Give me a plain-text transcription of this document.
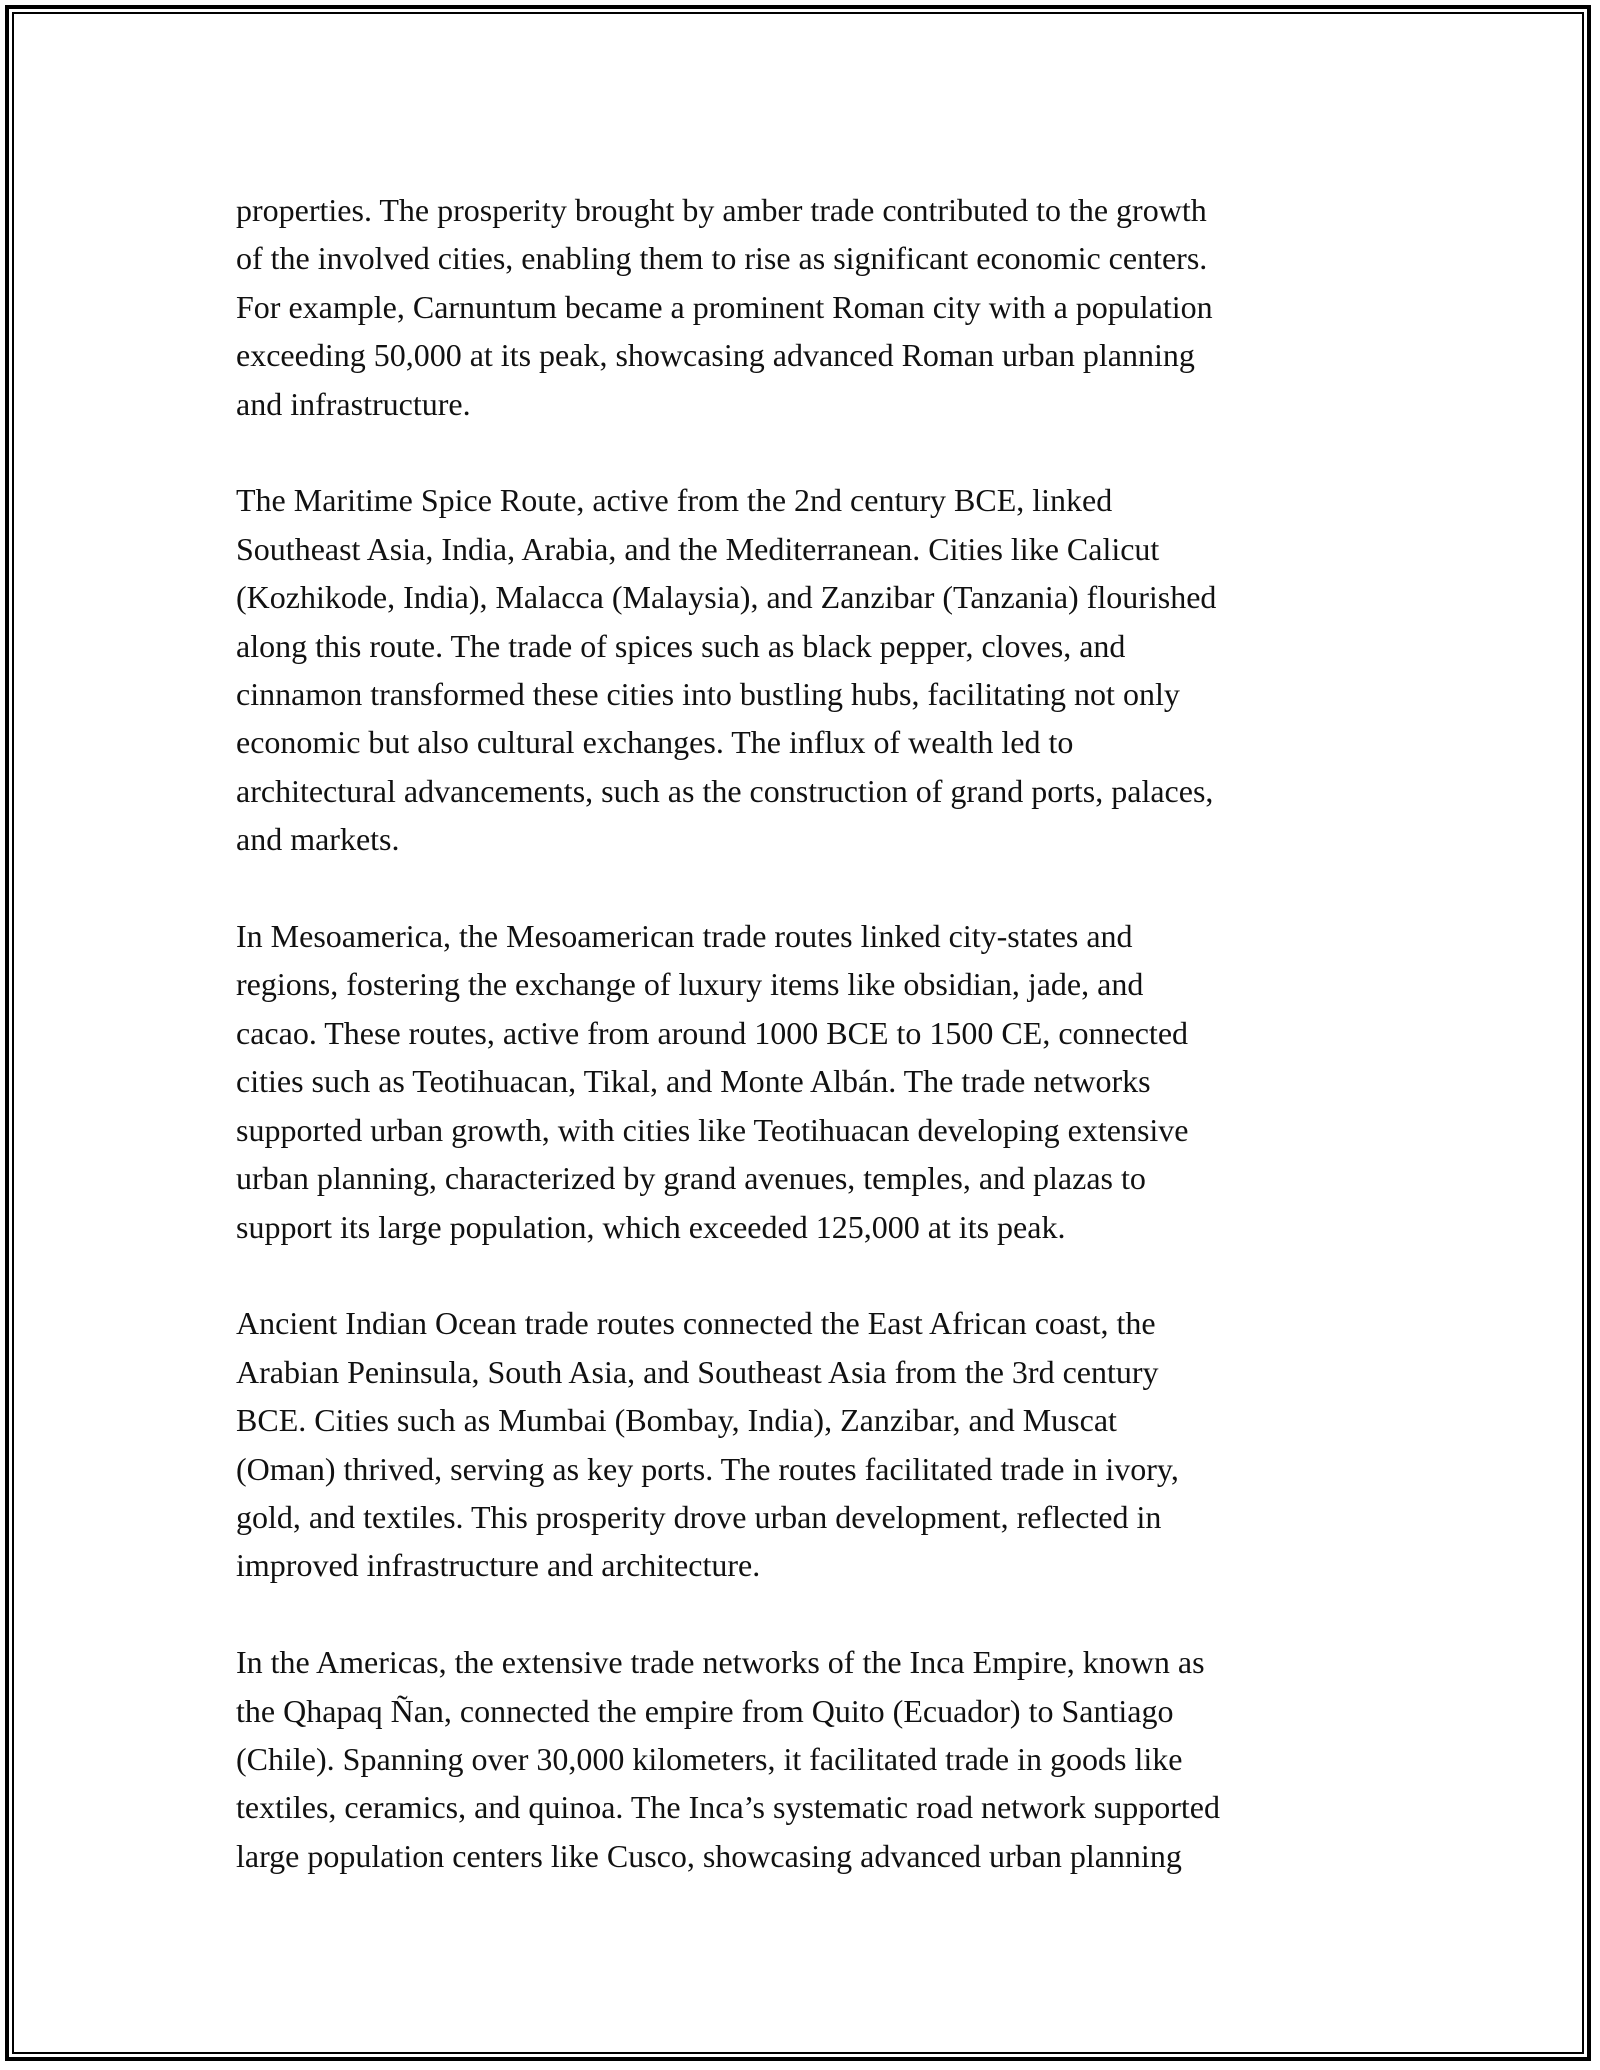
properties. The prosperity brought by amber trade contributed to the growth
of the involved cities, enabling them to rise as significant economic centers.
For example, Carnuntum became a prominent Roman city with a population
exceeding 50,000 at its peak, showcasing advanced Roman urban planning
and infrastructure.

The Maritime Spice Route, active from the 2nd century BCE, linked
Southeast Asia, India, Arabia, and the Mediterranean. Cities like Calicut
(Kozhikode, India), Malacca (Malaysia), and Zanzibar (Tanzania) flourished
along this route. The trade of spices such as black pepper, cloves, and
cinnamon transformed these cities into bustling hubs, facilitating not only
economic but also cultural exchanges. The influx of wealth led to
architectural advancements, such as the construction of grand ports, palaces,
and markets.

In Mesoamerica, the Mesoamerican trade routes linked city-states and
regions, fostering the exchange of luxury items like obsidian, jade, and
cacao. These routes, active from around 1000 BCE to 1500 CE, connected
cities such as Teotihuacan, Tikal, and Monte Albán. The trade networks
supported urban growth, with cities like Teotihuacan developing extensive
urban planning, characterized by grand avenues, temples, and plazas to
support its large population, which exceeded 125,000 at its peak.

Ancient Indian Ocean trade routes connected the East African coast, the
Arabian Peninsula, South Asia, and Southeast Asia from the 3rd century
BCE. Cities such as Mumbai (Bombay, India), Zanzibar, and Muscat
(Oman) thrived, serving as key ports. The routes facilitated trade in ivory,
gold, and textiles. This prosperity drove urban development, reflected in
improved infrastructure and architecture.

In the Americas, the extensive trade networks of the Inca Empire, known as
the Qhapaq Ñan, connected the empire from Quito (Ecuador) to Santiago
(Chile). Spanning over 30,000 kilometers, it facilitated trade in goods like
textiles, ceramics, and quinoa. The Inca’s systematic road network supported
large population centers like Cusco, showcasing advanced urban planning
